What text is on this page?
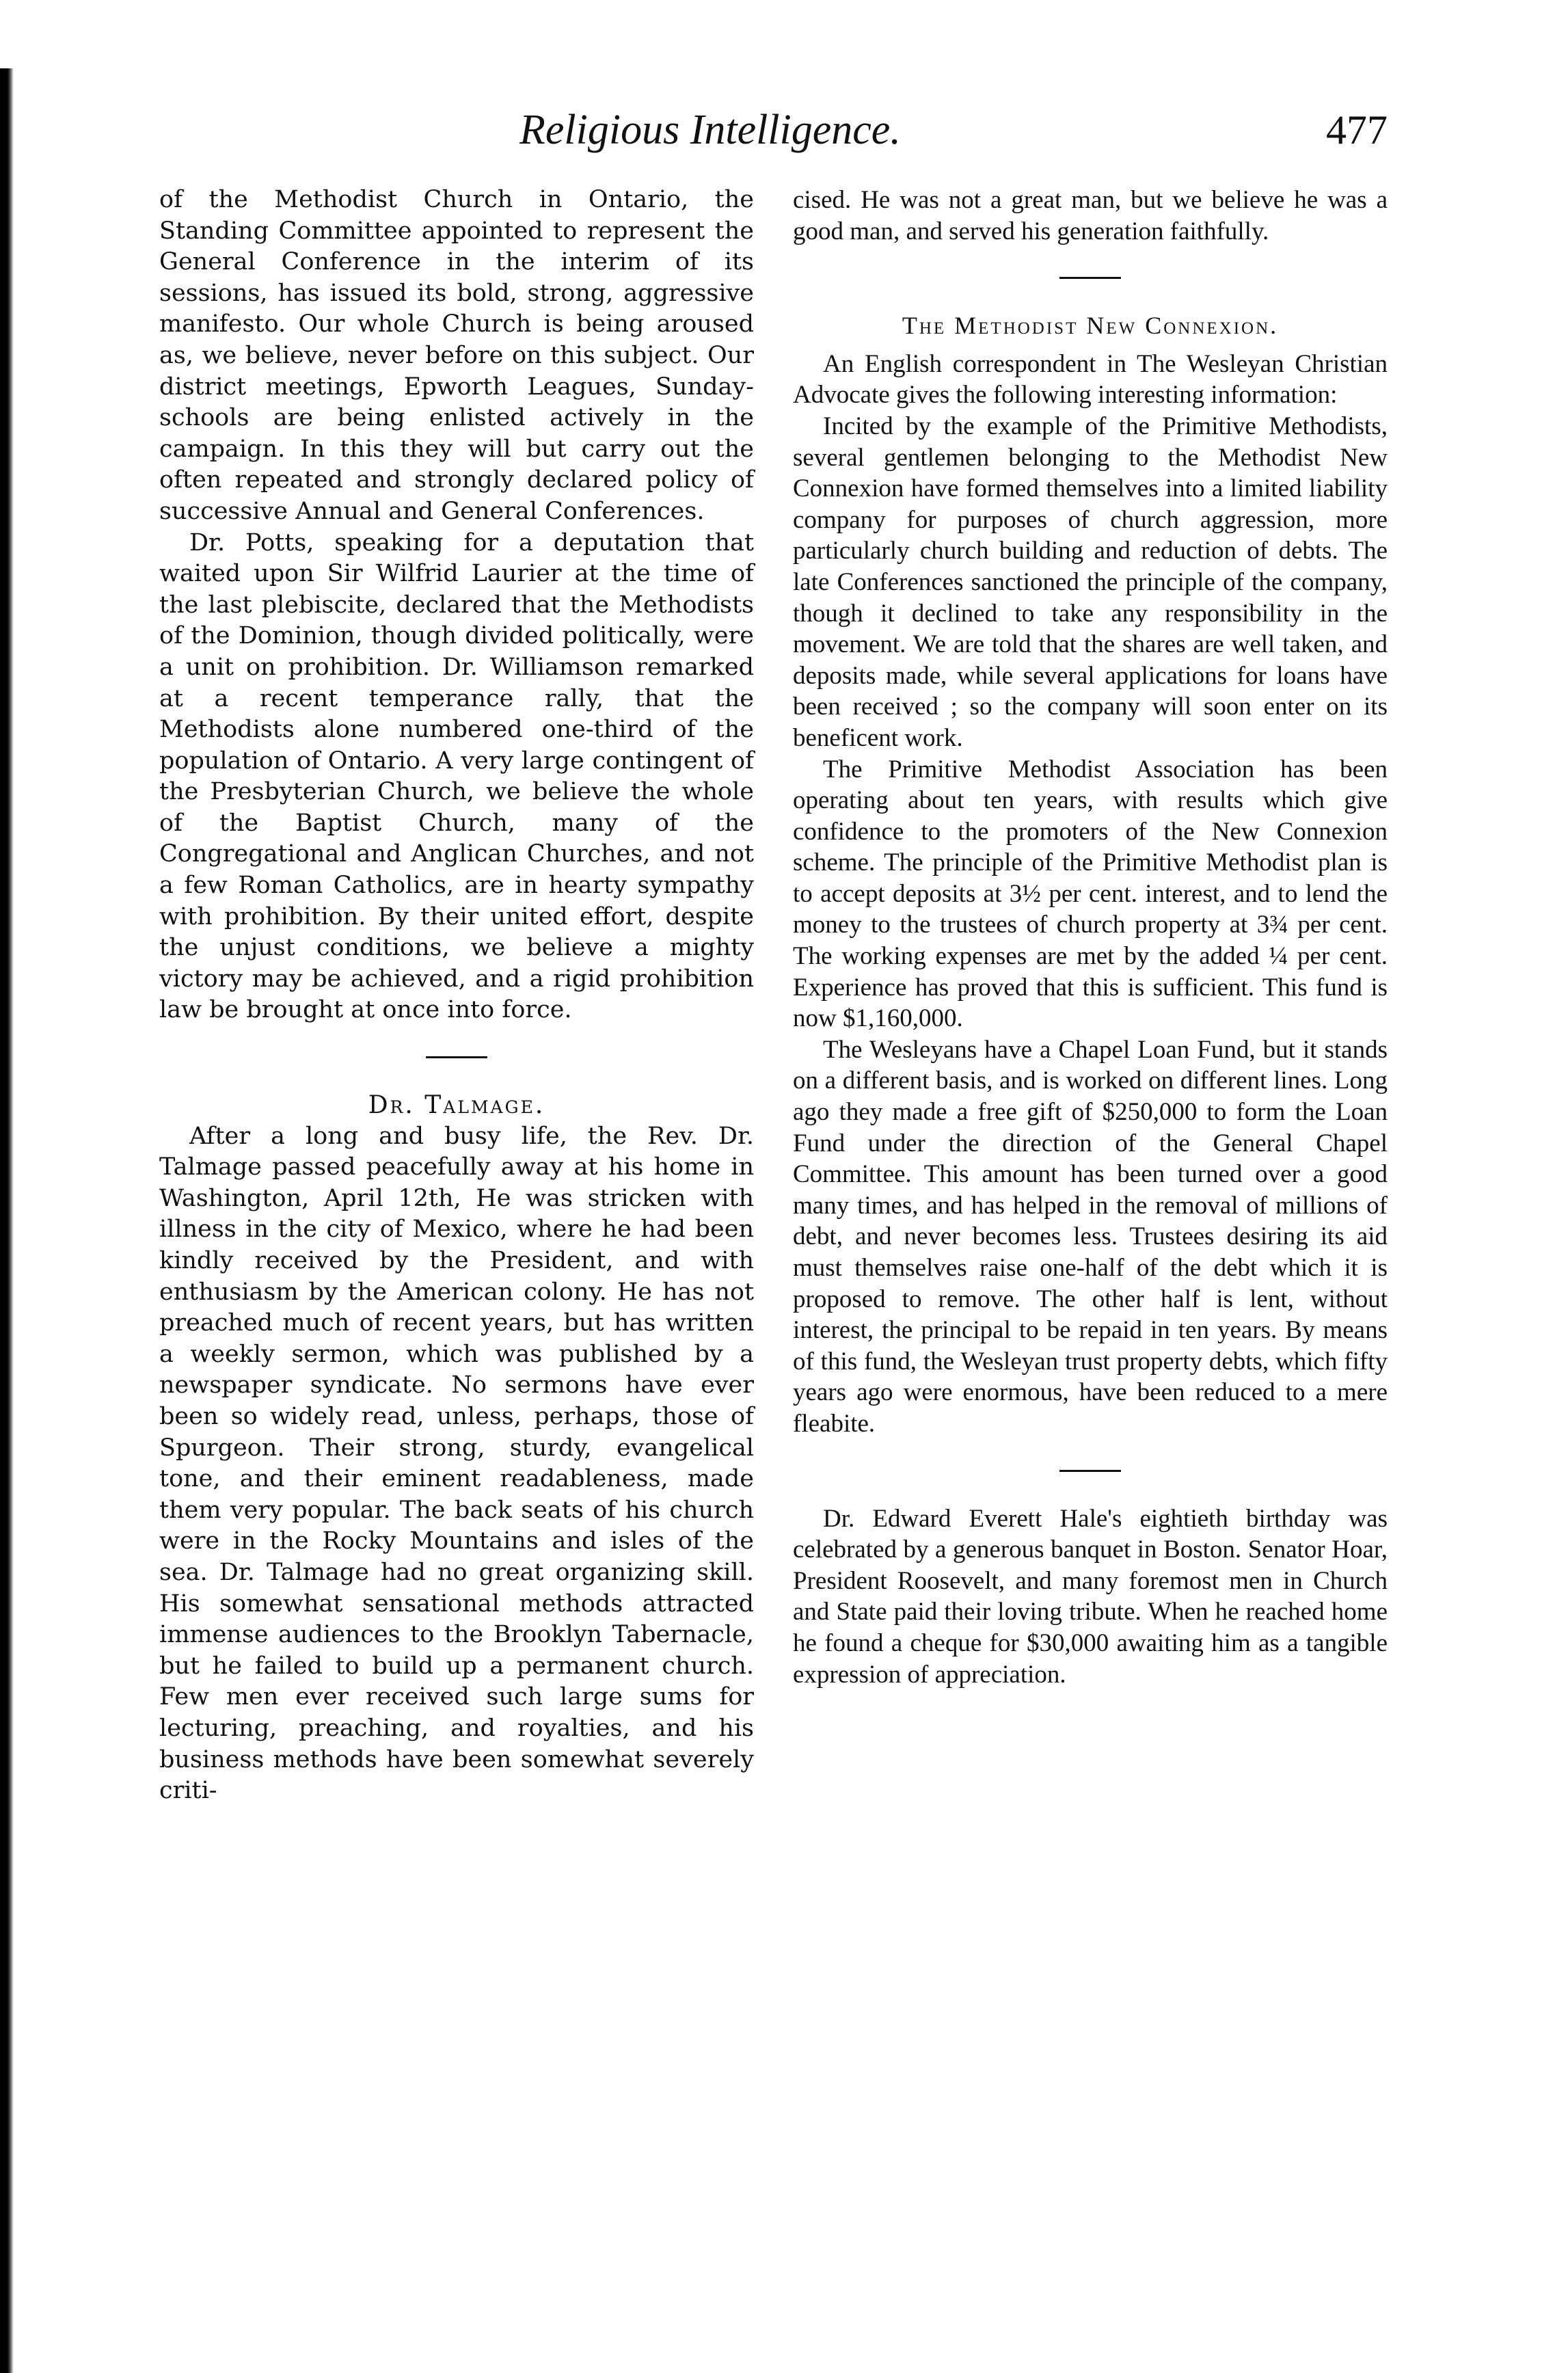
Religious Intelligence.	477

of the Methodist Church in Ontario, the Standing Committee appointed to represent the General Conference in the interim of its sessions, has issued its bold, strong, aggressive manifesto. Our whole Church is being aroused as, we believe, never before on this subject. Our district meetings, Epworth Leagues, Sunday-schools are being enlisted actively in the campaign. In this they will but carry out the often repeated and strongly declared policy of successive Annual and General Conferences.

Dr. Potts, speaking for a deputation that waited upon Sir Wilfrid Laurier at the time of the last plebiscite, declared that the Methodists of the Dominion, though divided politically, were a unit on prohibition. Dr. Williamson remarked at a recent temperance rally, that the Methodists alone numbered one-third of the population of Ontario. A very large contingent of the Presbyterian Church, we believe the whole of the Baptist Church, many of the Congregational and Anglican Churches, and not a few Roman Catholics, are in hearty sympathy with prohibition. By their united effort, despite the unjust conditions, we believe a mighty victory may be achieved, and a rigid prohibition law be brought at once into force.

Dr. Talmage.

After a long and busy life, the Rev. Dr. Talmage passed peacefully away at his home in Washington, April 12th, He was stricken with illness in the city of Mexico, where he had been kindly received by the President, and with enthusiasm by the American colony. He has not preached much of recent years, but has written a weekly sermon, which was published by a newspaper syndicate. No sermons have ever been so widely read, unless, perhaps, those of Spurgeon. Their strong, sturdy, evangelical tone, and their eminent readableness, made them very popular. The back seats of his church were in the Rocky Mountains and isles of the sea. Dr. Talmage had no great organizing skill. His somewhat sensational methods attracted immense audiences to the Brooklyn Tabernacle, but he failed to build up a permanent church. Few men ever received such large sums for lecturing, preaching, and royalties, and his business methods have been somewhat severely criti-

cised. He was not a great man, but we believe he was a good man, and served his generation faithfully.

The Methodist New Connexion.

An English correspondent in The Wesleyan Christian Advocate gives the following interesting information:

Incited by the example of the Primitive Methodists, several gentlemen belonging to the Methodist New Connexion have formed themselves into a limited liability company for purposes of church aggression, more particularly church building and reduction of debts. The late Conferences sanctioned the principle of the company, though it declined to take any responsibility in the movement. We are told that the shares are well taken, and deposits made, while several applications for loans have been received ; so the company will soon enter on its beneficent work.

The Primitive Methodist Association has been operating about ten years, with results which give confidence to the promoters of the New Connexion scheme. The principle of the Primitive Methodist plan is to accept deposits at 3½ per cent. interest, and to lend the money to the trustees of church property at 3¾ per cent. The working expenses are met by the added ¼ per cent. Experience has proved that this is sufficient. This fund is now $1,160,000.

The Wesleyans have a Chapel Loan Fund, but it stands on a different basis, and is worked on different lines. Long ago they made a free gift of $250,000 to form the Loan Fund under the direction of the General Chapel Committee. This amount has been turned over a good many times, and has helped in the removal of millions of debt, and never becomes less. Trustees desiring its aid must themselves raise one-half of the debt which it is proposed to remove. The other half is lent, without interest, the principal to be repaid in ten years. By means of this fund, the Wesleyan trust property debts, which fifty years ago were enormous, have been reduced to a mere fleabite.

Dr. Edward Everett Hale's eightieth birthday was celebrated by a generous banquet in Boston. Senator Hoar, President Roosevelt, and many foremost men in Church and State paid their loving tribute. When he reached home he found a cheque for $30,000 awaiting him as a tangible expression of appreciation.
